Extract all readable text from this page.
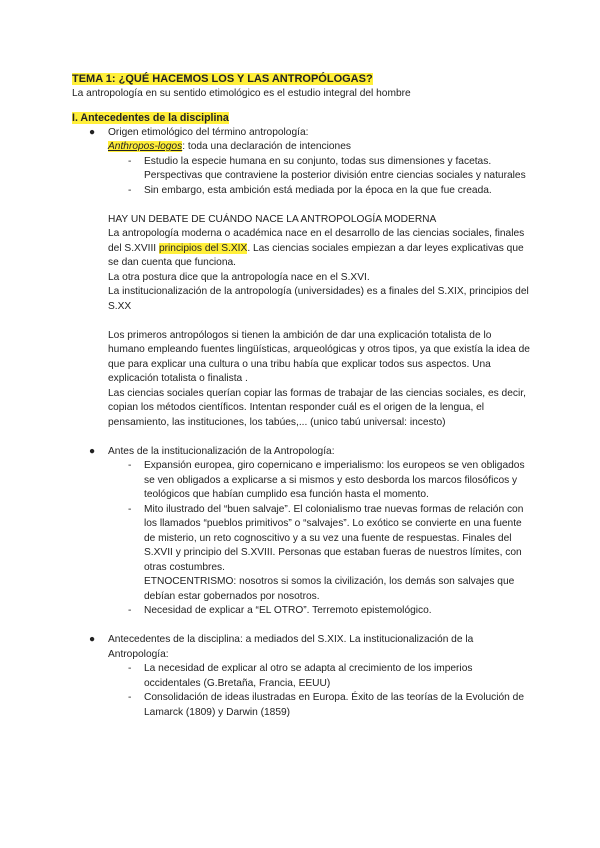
TEMA 1: ¿QUÉ HACEMOS LOS Y LAS ANTROPÓLOGAS?

La antropología en su sentido etimológico es el estudio integral del hombre

I. Antecedentes de la disciplina
● Origen etimológico del término antropología:
Anthropos-logos: toda una declaración de intenciones
- Estudio la especie humana en su conjunto, todas sus dimensiones y facetas. Perspectivas que contraviene la posterior división entre ciencias sociales y naturales
- Sin embargo, esta ambición está mediada por la época en la que fue creada.
HAY UN DEBATE DE CUÁNDO NACE LA ANTROPOLOGÍA MODERNA
La antropología moderna o académica nace en el desarrollo de las ciencias sociales, finales del S.XVIII principios del S.XIX. Las ciencias sociales empiezan a dar leyes explicativas que se dan cuenta que funciona.
La otra postura dice que la antropología nace en el S.XVI.
La institucionalización de la antropología (universidades) es a finales del S.XIX, principios del S.XX
Los primeros antropólogos si tienen la ambición de dar una explicación totalista de lo humano empleando fuentes lingüísticas, arqueológicas y otros tipos, ya que existía la idea de que para explicar una cultura o una tribu había que explicar todos sus aspectos. Una explicación totalista o finalista .
Las ciencias sociales querían copiar las formas de trabajar de las ciencias sociales, es decir, copian los métodos científicos. Intentan responder cuál es el origen de la lengua, el pensamiento, las instituciones, los tabúes,... (unico tabú universal: incesto)
● Antes de la institucionalización de la Antropología:
- Expansión europea, giro copernicano e imperialismo: los europeos se ven obligados se ven obligados a explicarse a si mismos y esto desborda los marcos filosóficos y teológicos que habían cumplido esa función hasta el momento.
- Mito ilustrado del “buen salvaje”. El colonialismo trae nuevas formas de relación con los llamados “pueblos primitivos” o “salvajes”. Lo exótico se convierte en una fuente de misterio, un reto cognoscitivo y a su vez una fuente de respuestas. Finales del S.XVII y principio del S.XVIII. Personas que estaban fueras de nuestros límites, con otras costumbres.
ETNOCENTRISMO: nosotros si somos la civilización, los demás son salvajes que debían estar gobernados por nosotros.
- Necesidad de explicar a “EL OTRO”. Terremoto epistemológico.
● Antecedentes de la disciplina: a mediados del S.XIX. La institucionalización de la Antropología:
- La necesidad de explicar al otro se adapta al crecimiento de los imperios occidentales (G.Bretaña, Francia, EEUU)
- Consolidación de ideas ilustradas en Europa. Éxito de las teorías de la Evolución de Lamarck (1809) y Darwin (1859)
